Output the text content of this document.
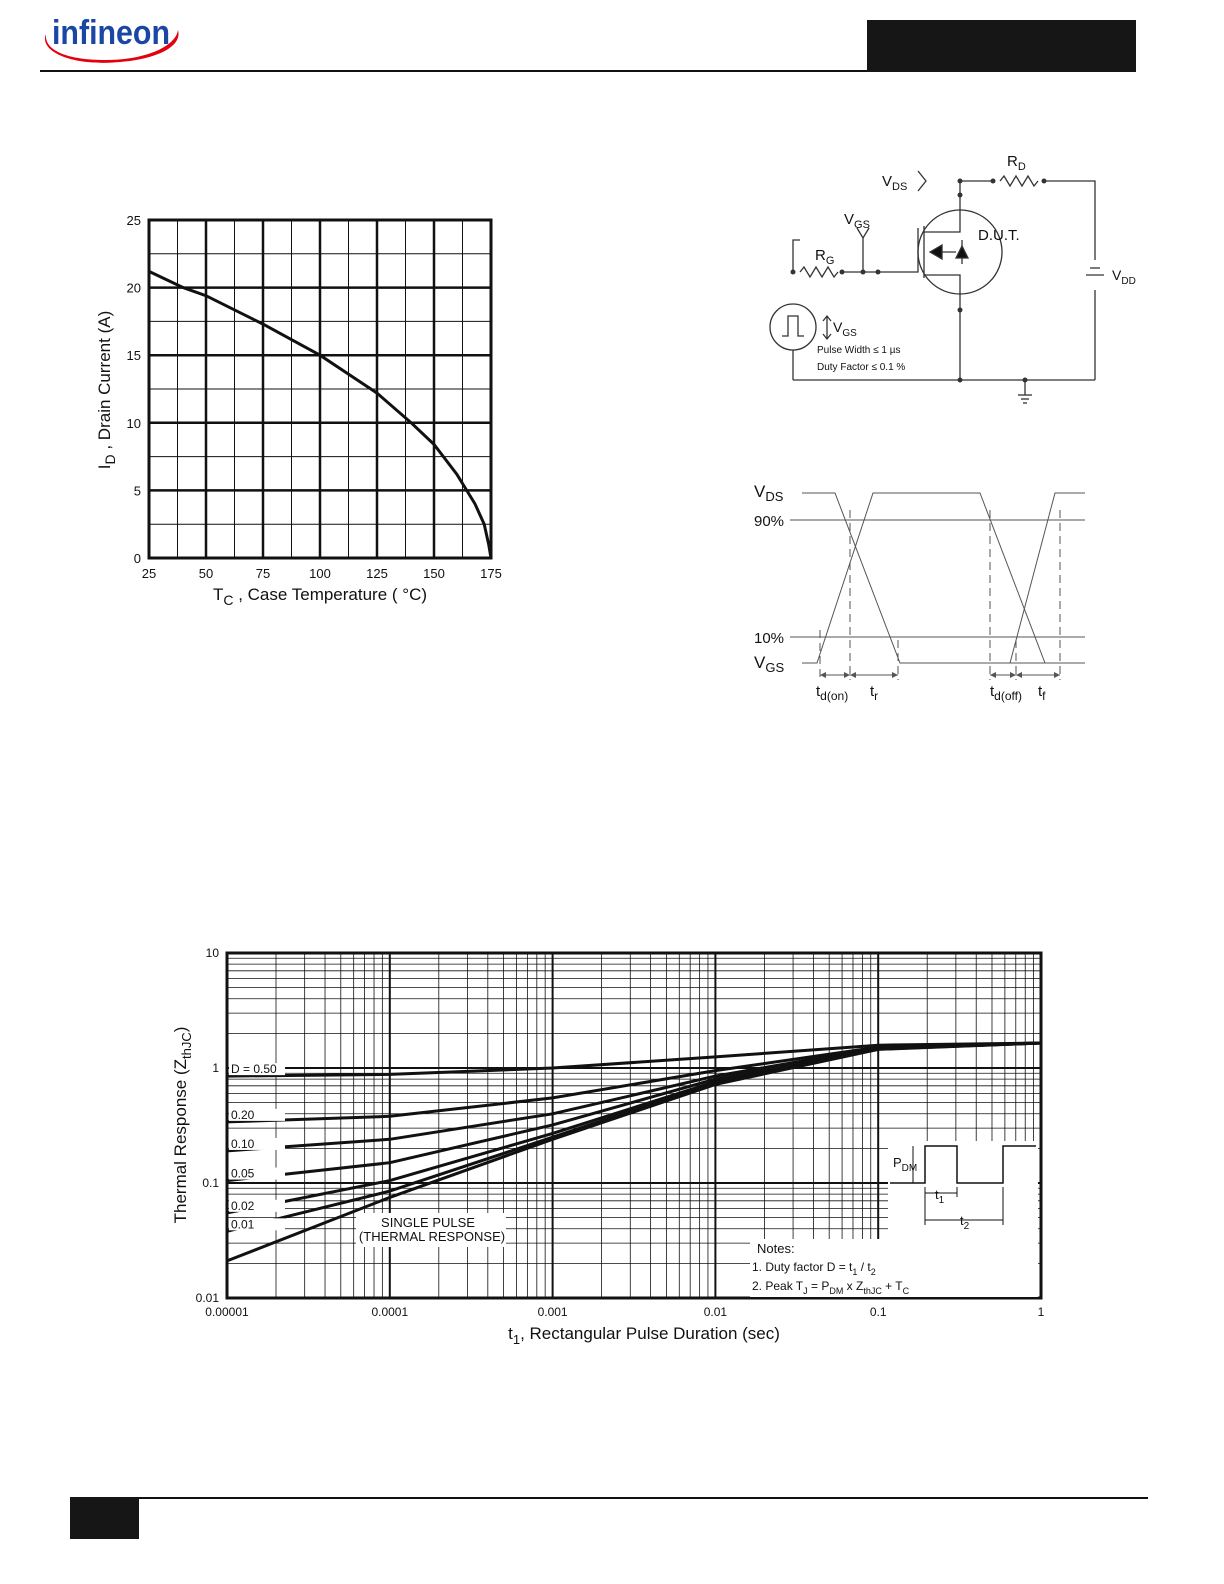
infineon
25	50	75	100	125	150	175
0
5
10
15
20
25
$T_C$ , Case Temperature ( °C)
$I_D$ , Drain Current (A)
$V_{DS}$
$R_D$
$V_{GS}$
$R_G$
D.U.T.
$V_{DD}$
$V_{GS}$
Pulse Width ≤ 1 µs
Duty Factor ≤ 0.1 %
$V_{DS}$
90%
10%
$V_{GS}$
$t_{d(on)}$ $t_r$	$t_{d(off)}$ $t_f$
D = 0.50
0.20
0.10
0.05
0.02
0.01
0.00001	0.0001	0.001	0.01	0.1	1
0.01
0.1
1
10
SINGLE PULSE
(THERMAL RESPONSE)
$P_{DM}$
$t_1$
$t_2$
Notes:
1. Duty factor $D = t_1 / t_2$
2. Peak $T_J = P_{DM}$ x $Z_{thJC} + T_C$
$t_1$, Rectangular Pulse Duration (sec)
Thermal Response $(Z_{thJC})$
